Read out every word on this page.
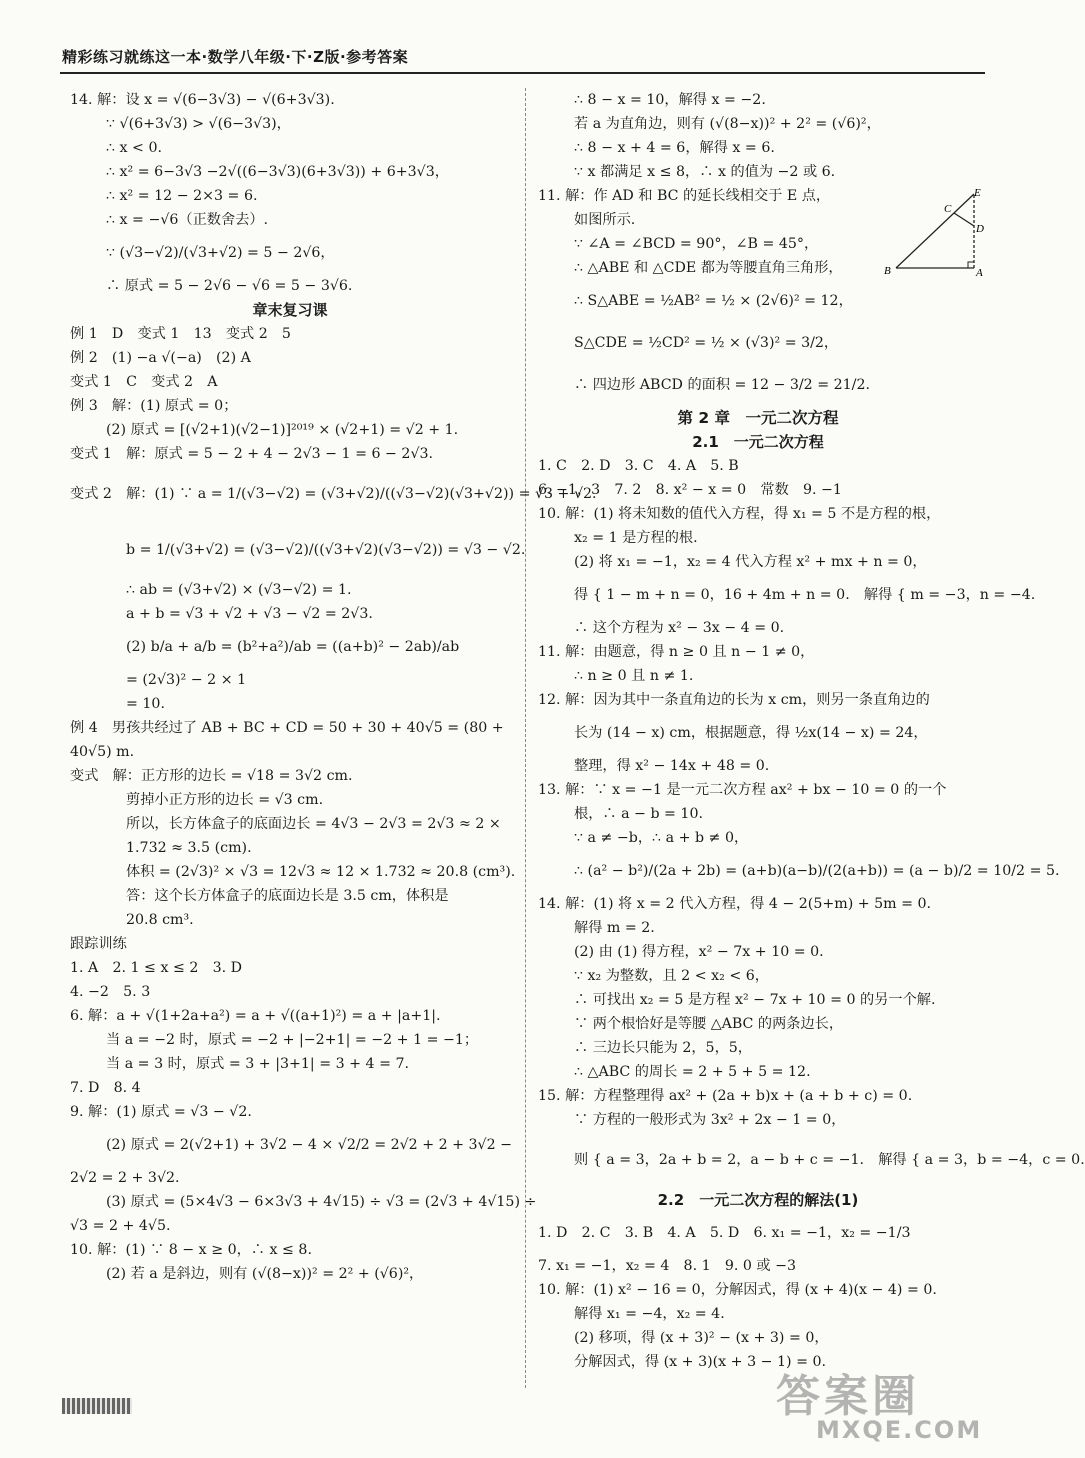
精彩练习就练这一本·数学八年级·下·Z版·参考答案
14. 解：设 x = √(6−3√3) − √(6+3√3).
∵ √(6+3√3) > √(6−3√3)，
∴ x < 0.
∴ x² = 6−3√3 −2√((6−3√3)(6+3√3)) + 6+3√3，
∴ x² = 12 − 2×3 = 6.
∴ x = −√6（正数舍去）.
∵ (√3−√2)/(√3+√2) = 5 − 2√6，
∴ 原式 = 5 − 2√6 − √6 = 5 − 3√6.
章末复习课
例 1　D　变式 1　13　变式 2　5
例 2　(1) −a √(−a)　(2) A
变式 1　C　变式 2　A
例 3　解：(1) 原式 = 0；
(2) 原式 = [(√2+1)(√2−1)]²⁰¹⁹ × (√2+1) = √2 + 1.
变式 1　解：原式 = 5 − 2 + 4 − 2√3 − 1 = 6 − 2√3.
变式 2　解：(1) ∵ a = 1/(√3−√2) = (√3+√2)/((√3−√2)(√3+√2)) = √3 + √2.
b = 1/(√3+√2) = (√3−√2)/((√3+√2)(√3−√2)) = √3 − √2.
∴ ab = (√3+√2) × (√3−√2) = 1.
a + b = √3 + √2 + √3 − √2 = 2√3.
(2) b/a + a/b = (b²+a²)/ab = ((a+b)² − 2ab)/ab
= (2√3)² − 2 × 1
= 10.
例 4　男孩共经过了 AB + BC + CD = 50 + 30 + 40√5 = (80 +
40√5) m.
变式　解：正方形的边长 = √18 = 3√2 cm.
剪掉小正方形的边长 = √3 cm.
所以，长方体盒子的底面边长 = 4√3 − 2√3 = 2√3 ≈ 2 ×
1.732 ≈ 3.5 (cm).
体积 = (2√3)² × √3 = 12√3 ≈ 12 × 1.732 ≈ 20.8 (cm³).
答：这个长方体盒子的底面边长是 3.5 cm，体积是
20.8 cm³.
跟踪训练
1. A　2. 1 ≤ x ≤ 2　3. D
4. −2　5. 3
6. 解：a + √(1+2a+a²) = a + √((a+1)²) = a + |a+1|.
当 a = −2 时，原式 = −2 + |−2+1| = −2 + 1 = −1；
当 a = 3 时，原式 = 3 + |3+1| = 3 + 4 = 7.
7. D　8. 4
9. 解：(1) 原式 = √3 − √2.
(2) 原式 = 2(√2+1) + 3√2 − 4 × √2/2 = 2√2 + 2 + 3√2 −
2√2 = 2 + 3√2.
(3) 原式 = (5×4√3 − 6×3√3 + 4√15) ÷ √3 = (2√3 + 4√15) ÷
√3 = 2 + 4√5.
10. 解：(1) ∵ 8 − x ≥ 0，∴ x ≤ 8.
(2) 若 a 是斜边，则有 (√(8−x))² = 2² + (√6)²，
∴ 8 − x = 10，解得 x = −2.
若 a 为直角边，则有 (√(8−x))² + 2² = (√6)²，
∴ 8 − x + 4 = 6，解得 x = 6.
∵ x 都满足 x ≤ 8，∴ x 的值为 −2 或 6.
11. 解：作 AD 和 BC 的延长线相交于 E 点，
如图所示.
∵ ∠A = ∠BCD = 90°，∠B = 45°，
∴ △ABE 和 △CDE 都为等腰直角三角形，
∴ S△ABE = ½AB² = ½ × (2√6)² = 12，
S△CDE = ½CD² = ½ × (√3)² = 3/2，
∴ 四边形 ABCD 的面积 = 12 − 3/2 = 21/2.
第 2 章　一元二次方程
2.1　一元二次方程
1. C　2. D　3. C　4. A　5. B
6. −1，3　7. 2　8. x² − x = 0　常数　9. −1
10. 解：(1) 将未知数的值代入方程，得 x₁ = 5 不是方程的根，
x₂ = 1 是方程的根.
(2) 将 x₁ = −1，x₂ = 4 代入方程 x² + mx + n = 0，
得 { 1 − m + n = 0，16 + 4m + n = 0.　解得 { m = −3，n = −4.
∴ 这个方程为 x² − 3x − 4 = 0.
11. 解：由题意，得 n ≥ 0 且 n − 1 ≠ 0，
∴ n ≥ 0 且 n ≠ 1.
12. 解：因为其中一条直角边的长为 x cm，则另一条直角边的
长为 (14 − x) cm，根据题意，得 ½x(14 − x) = 24，
整理，得 x² − 14x + 48 = 0.
13. 解：∵ x = −1 是一元二次方程 ax² + bx − 10 = 0 的一个
根，∴ a − b = 10.
∵ a ≠ −b，∴ a + b ≠ 0，
∴ (a² − b²)/(2a + 2b) = (a+b)(a−b)/(2(a+b)) = (a − b)/2 = 10/2 = 5.
14. 解：(1) 将 x = 2 代入方程，得 4 − 2(5+m) + 5m = 0.
解得 m = 2.
(2) 由 (1) 得方程，x² − 7x + 10 = 0.
∵ x₂ 为整数，且 2 < x₂ < 6，
∴ 可找出 x₂ = 5 是方程 x² − 7x + 10 = 0 的另一个解.
∵ 两个根恰好是等腰 △ABC 的两条边长，
∴ 三边长只能为 2，5，5，
∴ △ABC 的周长 = 2 + 5 + 5 = 12.
15. 解：方程整理得 ax² + (2a + b)x + (a + b + c) = 0.
∵ 方程的一般形式为 3x² + 2x − 1 = 0，
则 { a = 3，2a + b = 2，a − b + c = −1.　解得 { a = 3，b = −4，c = 0.
2.2　一元二次方程的解法(1)
1. D　2. C　3. B　4. A　5. D　6. x₁ = −1，x₂ = −1/3
7. x₁ = −1，x₂ = 4　8. 1　9. 0 或 −3
10. 解：(1) x² − 16 = 0，分解因式，得 (x + 4)(x − 4) = 0.
解得 x₁ = −4，x₂ = 4.
(2) 移项，得 (x + 3)² − (x + 3) = 0，
分解因式，得 (x + 3)(x + 3 − 1) = 0.
B	A
E
C
D
答案圈
MXQE.COM
